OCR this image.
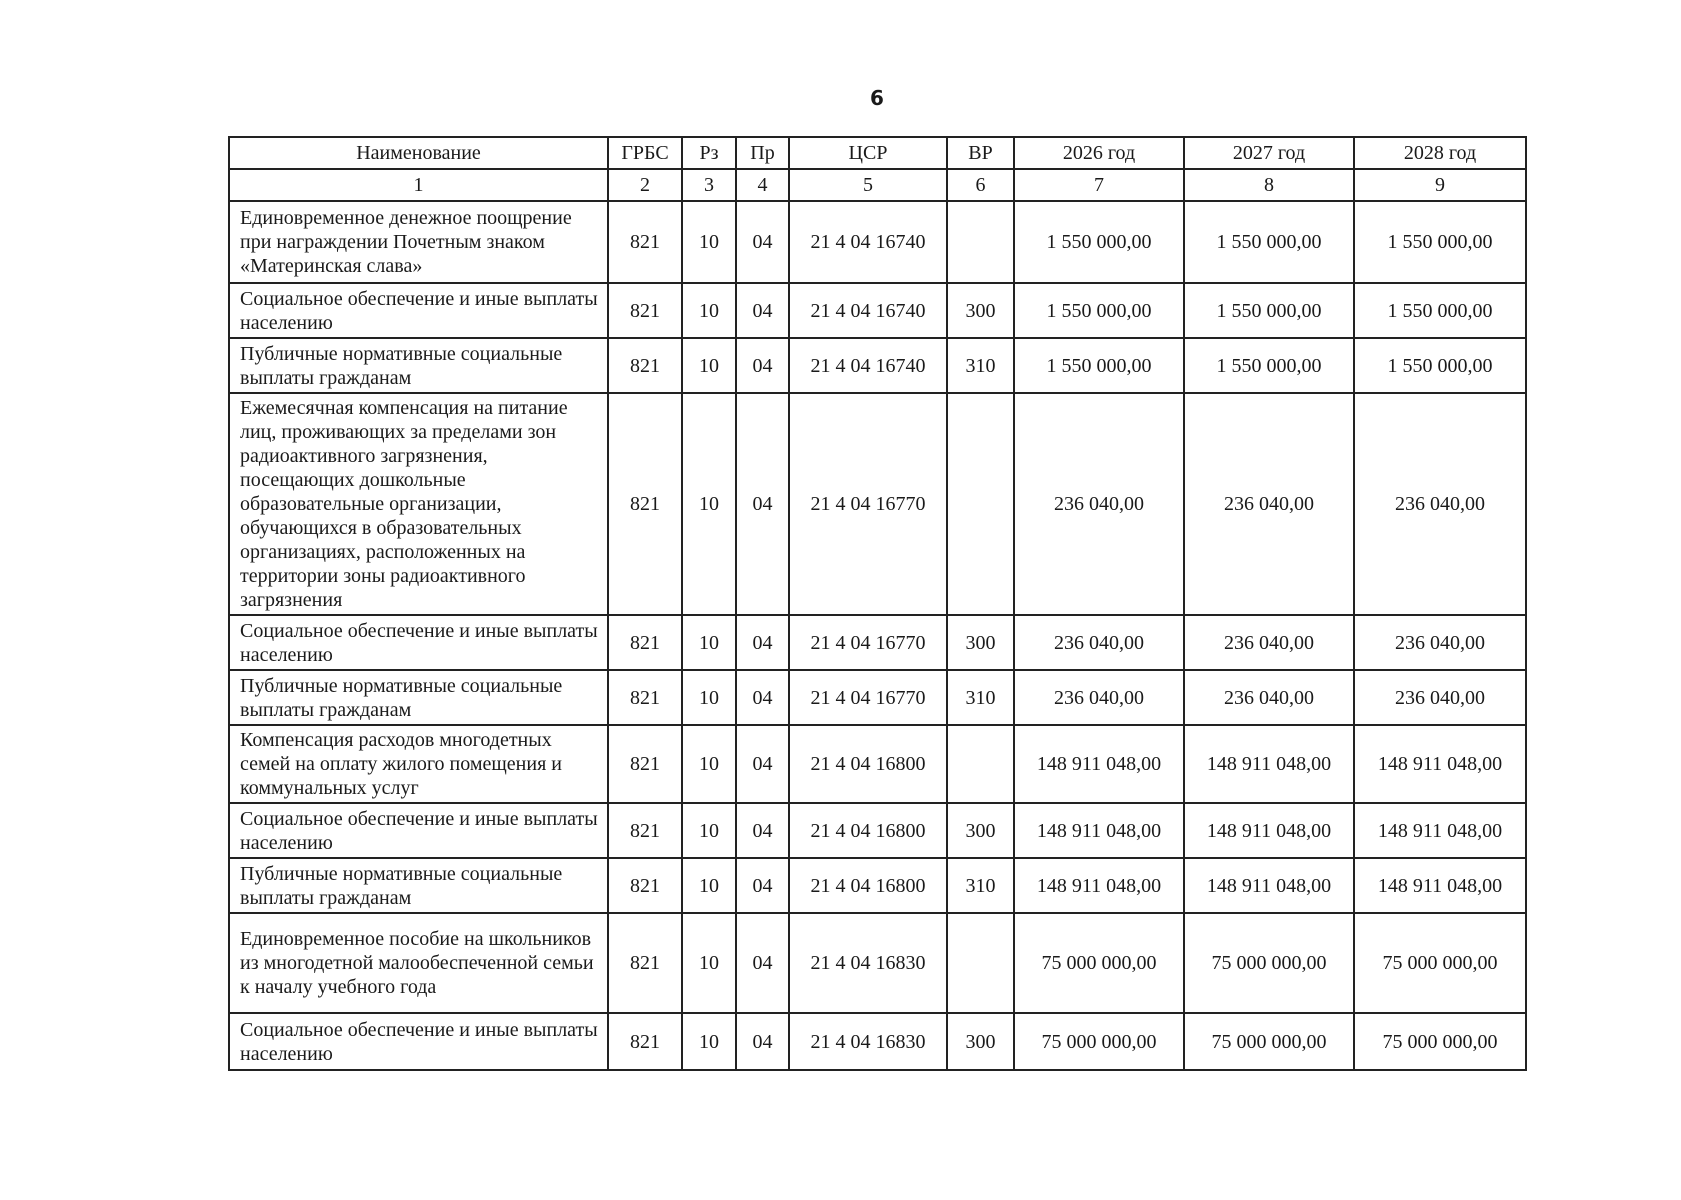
6
Наименование	ГРБС	Рз	Пр	ЦСР	ВР	2026 год	2027 год	2028 год
1	2	3	4	5	6	7	8	9
Единовременное денежное поощрение при награждении Почетным знаком «Материнская слава»	821	10	04	21 4 04 16740		1 550 000,00	1 550 000,00	1 550 000,00
Социальное обеспечение и иные выплаты населению	821	10	04	21 4 04 16740	300	1 550 000,00	1 550 000,00	1 550 000,00
Публичные нормативные социальные выплаты гражданам	821	10	04	21 4 04 16740	310	1 550 000,00	1 550 000,00	1 550 000,00
Ежемесячная компенсация на питание лиц, проживающих за пределами зон радиоактивного загрязнения, посещающих дошкольные образовательные организации, обучающихся в образовательных организациях, расположенных на территории зоны радиоактивного загрязнения	821	10	04	21 4 04 16770		236 040,00	236 040,00	236 040,00
Социальное обеспечение и иные выплаты населению	821	10	04	21 4 04 16770	300	236 040,00	236 040,00	236 040,00
Публичные нормативные социальные выплаты гражданам	821	10	04	21 4 04 16770	310	236 040,00	236 040,00	236 040,00
Компенсация расходов многодетных семей на оплату жилого помещения и коммунальных услуг	821	10	04	21 4 04 16800		148 911 048,00	148 911 048,00	148 911 048,00
Социальное обеспечение и иные выплаты населению	821	10	04	21 4 04 16800	300	148 911 048,00	148 911 048,00	148 911 048,00
Публичные нормативные социальные выплаты гражданам	821	10	04	21 4 04 16800	310	148 911 048,00	148 911 048,00	148 911 048,00
Единовременное пособие на школьников из многодетной малообеспеченной семьи к началу учебного года	821	10	04	21 4 04 16830		75 000 000,00	75 000 000,00	75 000 000,00
Социальное обеспечение и иные выплаты населению	821	10	04	21 4 04 16830	300	75 000 000,00	75 000 000,00	75 000 000,00
